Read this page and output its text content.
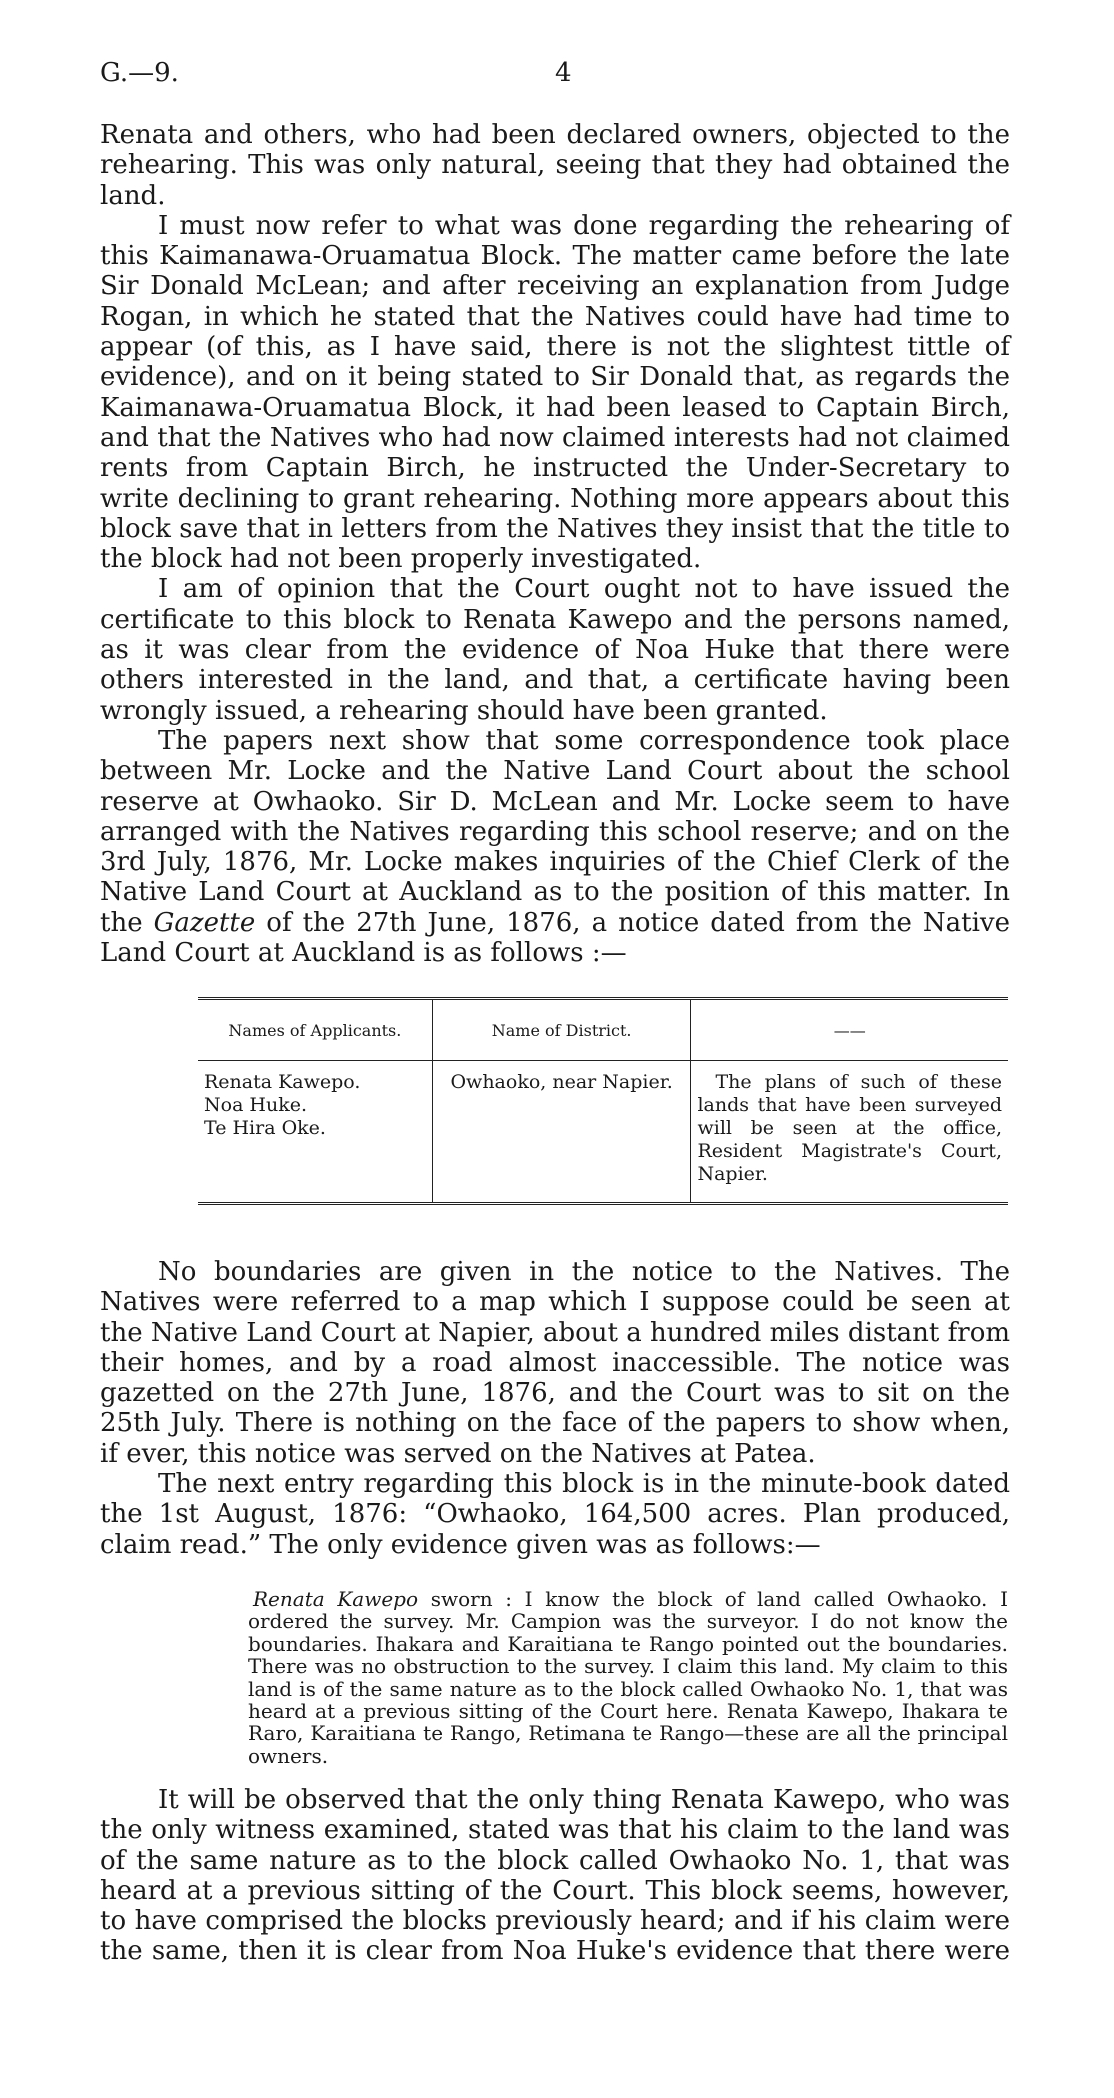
G.—9.	4

Renata and others, who had been declared owners, objected to the rehearing. This was only natural, seeing that they had obtained the land.

I must now refer to what was done regarding the rehearing of this Kaimanawa-Oruamatua Block. The matter came before the late Sir Donald McLean; and after receiving an explanation from Judge Rogan, in which he stated that the Natives could have had time to appear (of this, as I have said, there is not the slightest tittle of evidence), and on it being stated to Sir Donald that, as regards the Kaimanawa-Oruamatua Block, it had been leased to Captain Birch, and that the Natives who had now claimed interests had not claimed rents from Captain Birch, he instructed the Under-Secretary to write declining to grant rehearing. Nothing more appears about this block save that in letters from the Natives they insist that the title to the block had not been properly investigated.

I am of opinion that the Court ought not to have issued the certificate to this block to Renata Kawepo and the persons named, as it was clear from the evidence of Noa Huke that there were others interested in the land, and that, a certificate having been wrongly issued, a rehearing should have been granted.

The papers next show that some correspondence took place between Mr. Locke and the Native Land Court about the school reserve at Owhaoko. Sir D. McLean and Mr. Locke seem to have arranged with the Natives regarding this school reserve; and on the 3rd July, 1876, Mr. Locke makes inquiries of the Chief Clerk of the Native Land Court at Auckland as to the position of this matter. In the Gazette of the 27th June, 1876, a notice dated from the Native Land Court at Auckland is as follows :—

Names of Applicants.	Name of District.	——

Renata Kawepo.
Noa Huke.
Te Hira Oke.	Owhaoko, near Napier.	The plans of such of these lands that have been surveyed will be seen at the office, Resident Magistrate's Court, Napier.

No boundaries are given in the notice to the Natives. The Natives were referred to a map which I suppose could be seen at the Native Land Court at Napier, about a hundred miles distant from their homes, and by a road almost inaccessible. The notice was gazetted on the 27th June, 1876, and the Court was to sit on the 25th July. There is nothing on the face of the papers to show when, if ever, this notice was served on the Natives at Patea.

The next entry regarding this block is in the minute-book dated the 1st August, 1876: “Owhaoko, 164,500 acres. Plan produced, claim read.” The only evidence given was as follows:—

Renata Kawepo sworn : I know the block of land called Owhaoko. I ordered the survey. Mr. Campion was the surveyor. I do not know the boundaries. Ihakara and Karaitiana te Rango pointed out the boundaries. There was no obstruction to the survey. I claim this land. My claim to this land is of the same nature as to the block called Owhaoko No. 1, that was heard at a previous sitting of the Court here. Renata Kawepo, Ihakara te Raro, Karaitiana te Rango, Retimana te Rango—these are all the principal owners.

It will be observed that the only thing Renata Kawepo, who was the only witness examined, stated was that his claim to the land was of the same nature as to the block called Owhaoko No. 1, that was heard at a previous sitting of the Court. This block seems, however, to have comprised the blocks previously heard; and if his claim were the same, then it is clear from Noa Huke's evidence that there were
